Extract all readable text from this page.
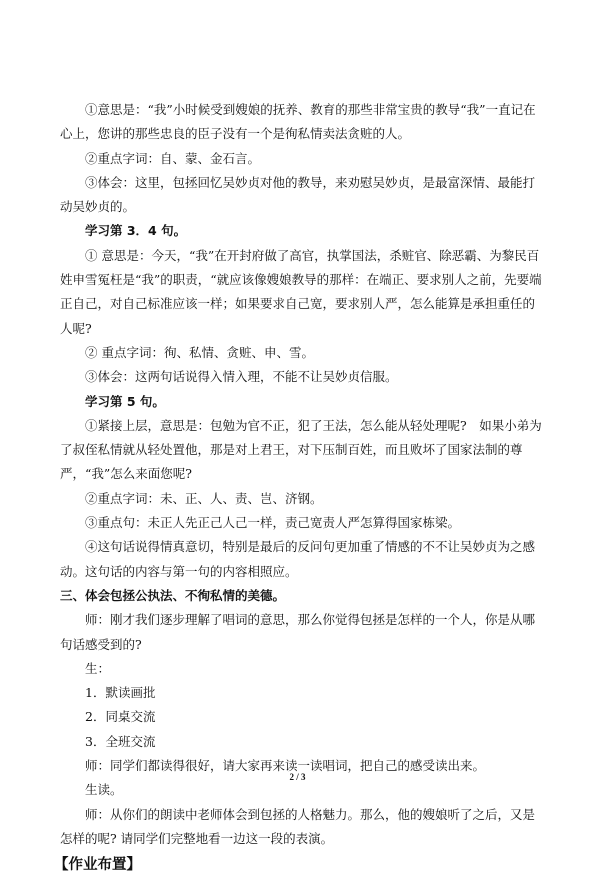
①意思是：“我”小时候受到嫂娘的抚养、教育的那些非常宝贵的教导“我”一直记在心上，您讲的那些忠良的臣子没有一个是徇私情卖法贪赃的人。

②重点字词：自、蒙、金石言。

③体会：这里，包拯回忆吴妙贞对他的教导，来劝慰吴妙贞，是最富深情、最能打动吴妙贞的。

学习第 3．4 句。

① 意思是：今天，“我”在开封府做了高官，执掌国法，杀赃官、除恶霸、为黎民百姓申雪冤枉是“我”的职责，“就应该像嫂娘教导的那样：在端正、要求别人之前，先要端正自己，对自己标准应该一样；如果要求自己宽，要求别人严，怎么能算是承担重任的人呢?

② 重点字词：徇、私情、贪赃、申、雪。

③体会：这两句话说得入情入理，不能不让吴妙贞信服。

学习第 5 句。

①紧接上层，意思是：包勉为官不正，犯了王法，怎么能从轻处理呢?　如果小弟为了叔侄私情就从轻处置他，那是对上君王，对下压制百姓，而且败坏了国家法制的尊严，“我”怎么来面您呢?

②重点字词：未、正、人、责、岂、济钢。

③重点句：未正人先正己人己一样，责己宽责人严怎算得国家栋梁。

④这句话说得情真意切，特别是最后的反问句更加重了情感的不不让吴妙贞为之感动。这句话的内容与第一句的内容相照应。

三、体会包拯公执法、不徇私情的美德。

师：刚才我们逐步理解了唱词的意思，那么你觉得包拯是怎样的一个人，你是从哪句话感受到的?

生：

1．默读画批

2．同桌交流

3．全班交流

师：同学们都读得很好，请大家再来读一读唱词，把自己的感受读出来。

生读。

师：从你们的朗读中老师体会到包拯的人格魅力。那么，他的嫂娘听了之后，又是怎样的呢? 请同学们完整地看一边这一段的表演。

【作业布置】

2 / 3
